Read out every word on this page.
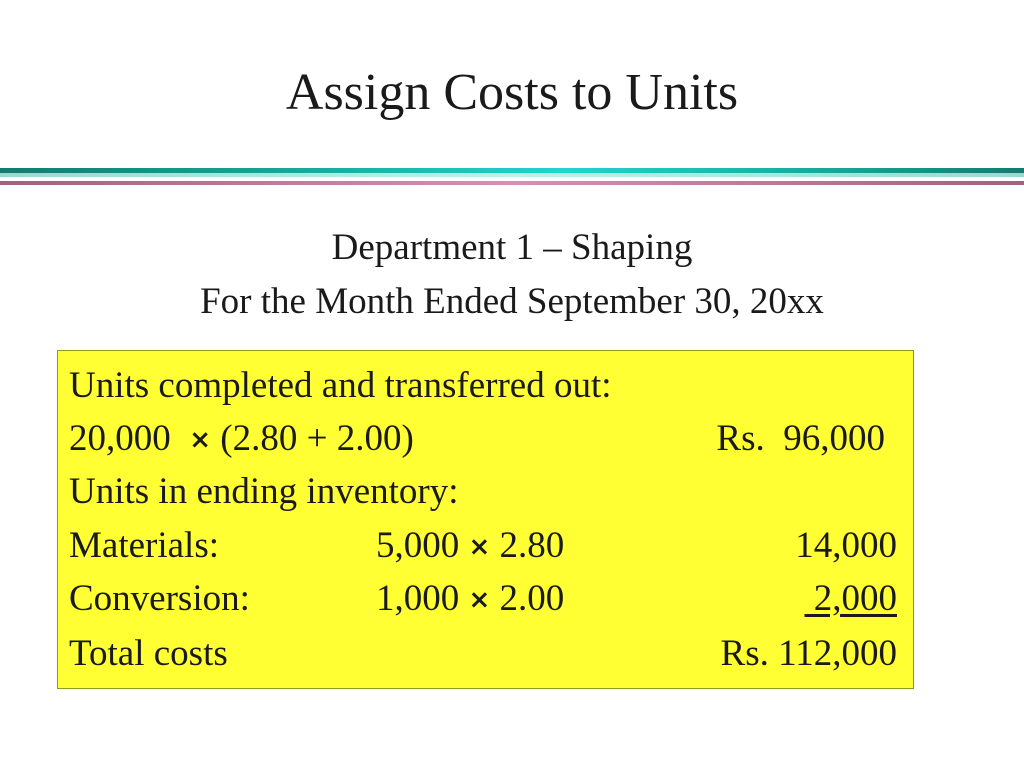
Assign Costs to Units
Department 1 – Shaping
For the Month Ended September 30, 20xx
Units completed and transferred out:
20,000 × (2.80 + 2.00)	Rs.  96,000
Units in ending inventory:
Materials:	5,000 × 2.80	14,000
Conversion:	1,000 × 2.00	2,000
Total costs	Rs. 112,000
